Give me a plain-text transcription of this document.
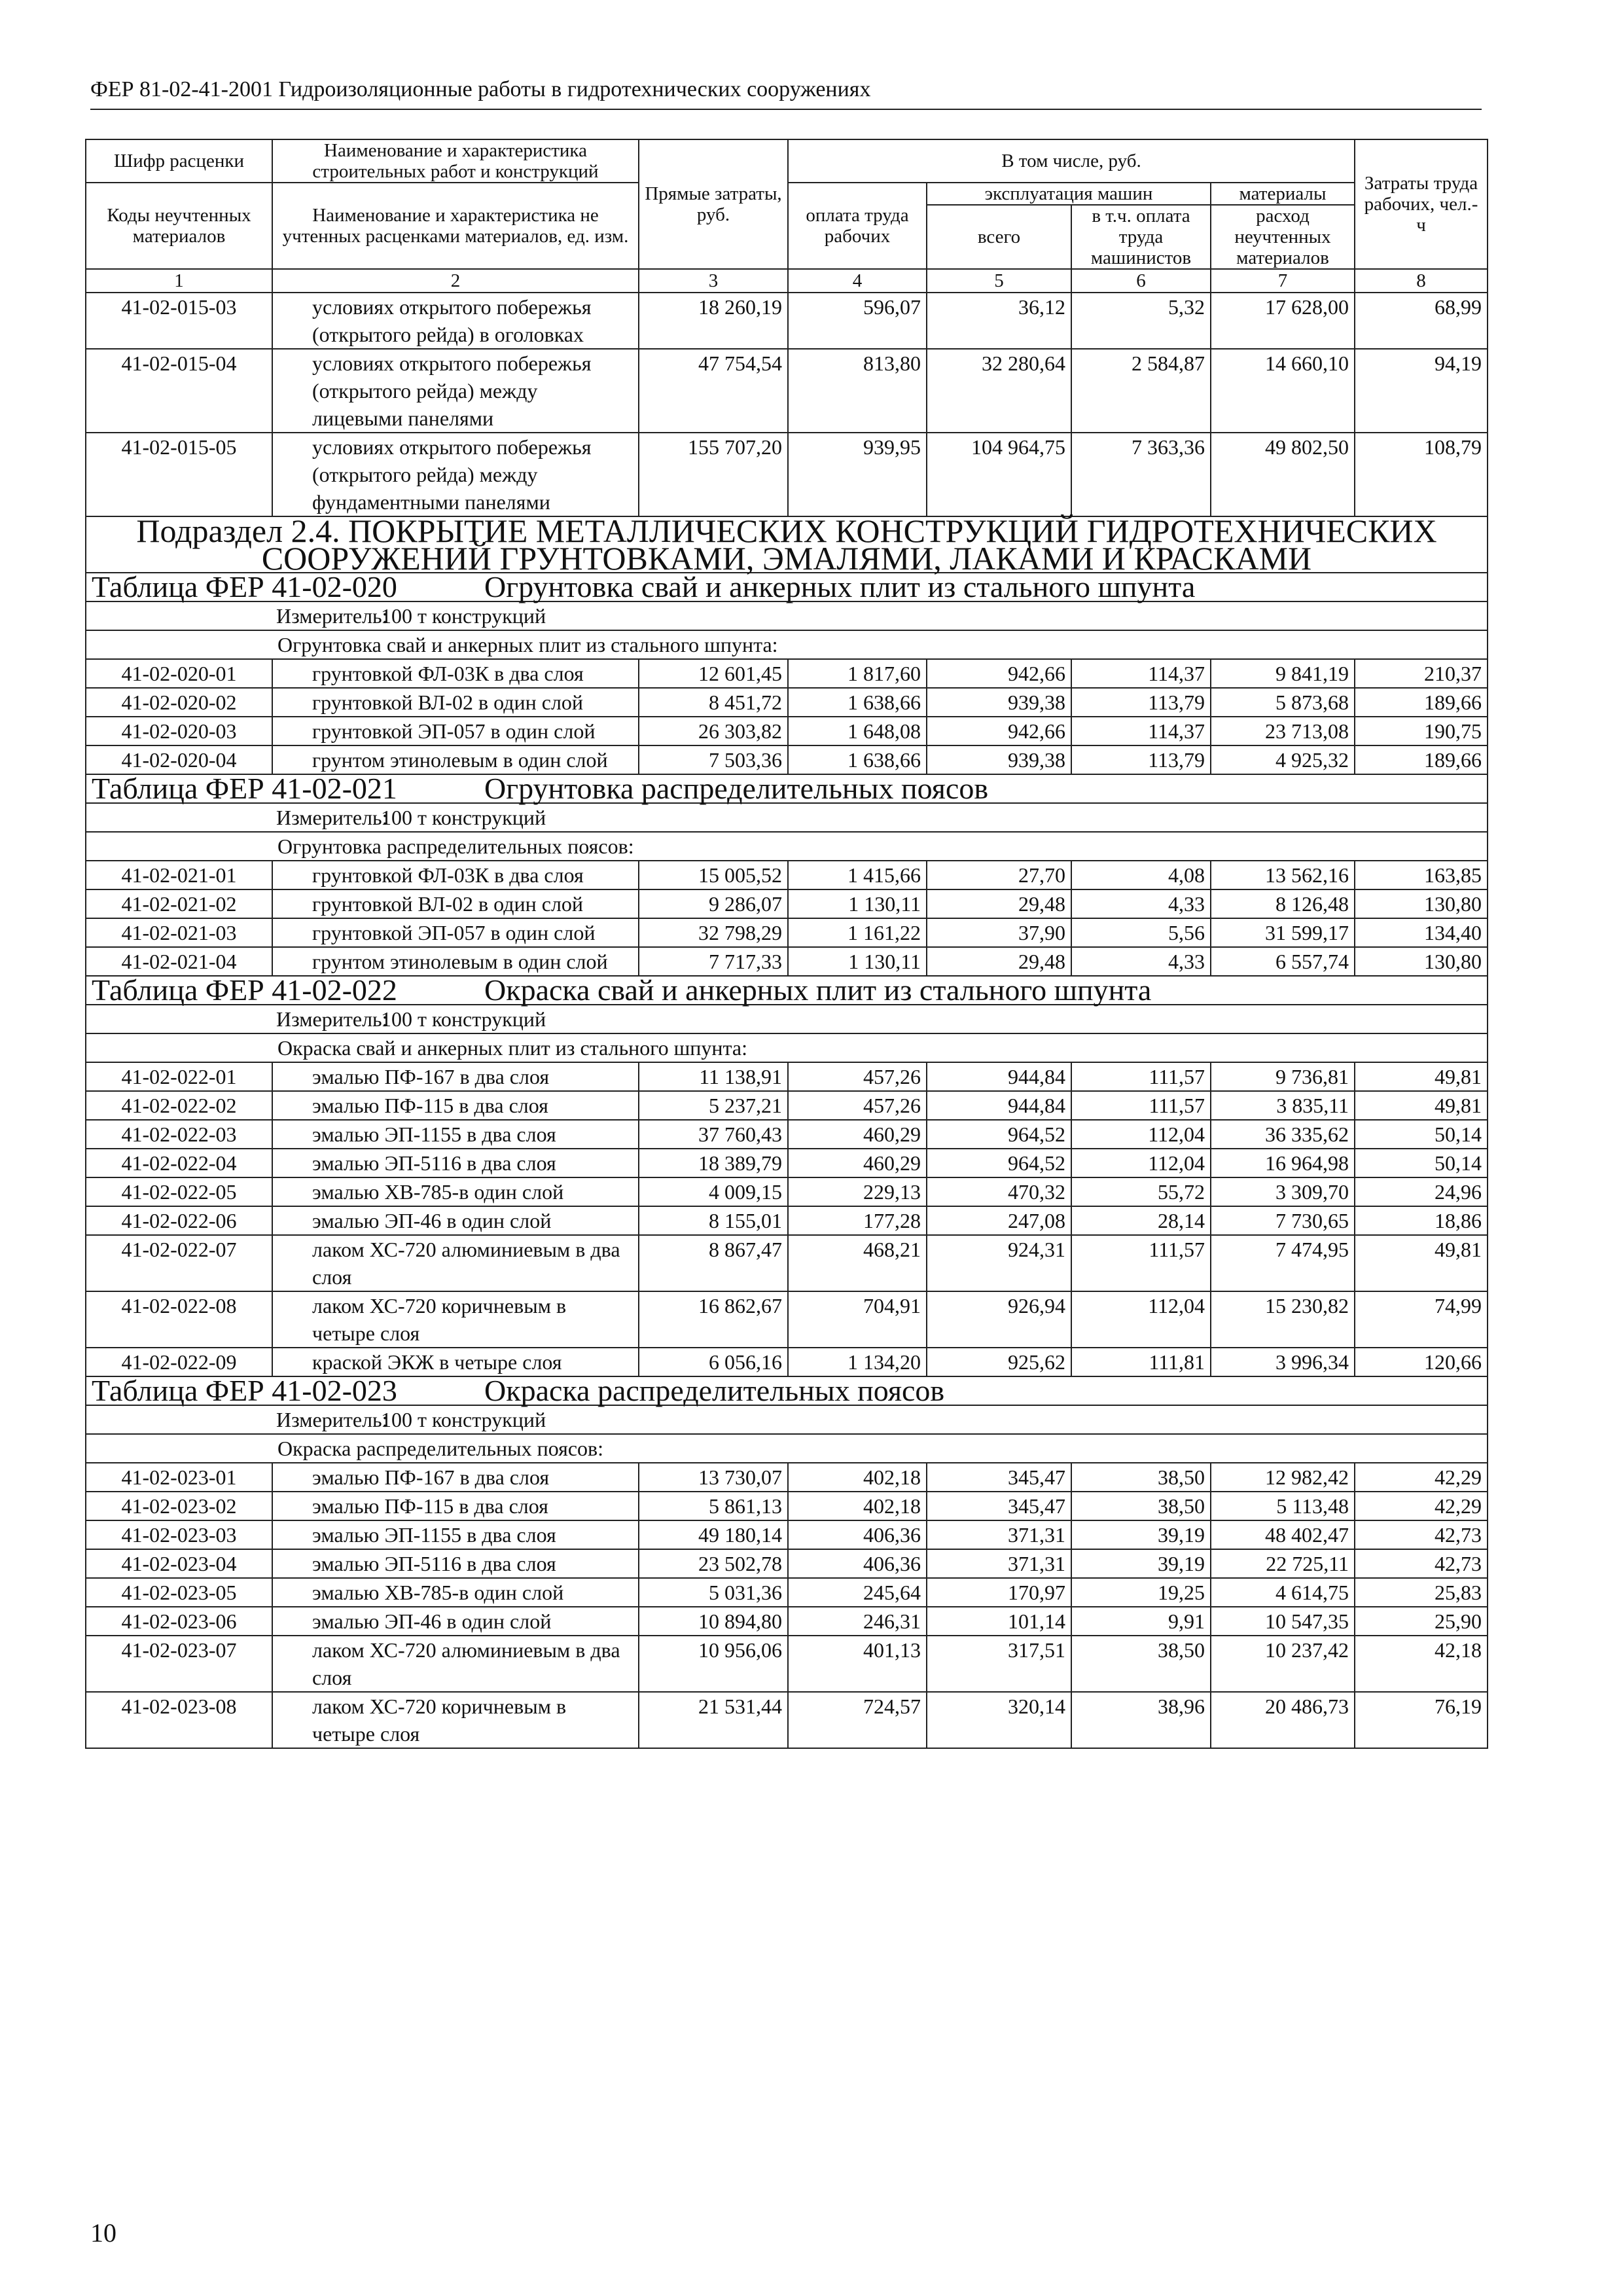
ФЕР 81-02-41-2001 Гидроизоляционные работы в гидротехнических сооружениях
Шифр расценки	Наименование и характеристика строительных работ и конструкций	Прямые затраты, руб.	В том числе, руб.				Затраты труда рабочих, чел.-ч
Коды неучтенных материалов	Наименование и характеристика не учтенных расценками материалов, ед. изм.		оплата труда рабочих	эксплуатация машин		материалы	
				всего	в т.ч. оплата труда машинистов	расход неучтенных материалов	

1	2	3	4	5	6	7	8
41-02-015-03	условиях открытого побережья (открытого рейда) в оголовках	18 260,19	596,07	36,12	5,32	17 628,00	68,99
41-02-015-04	условиях открытого побережья (открытого рейда) между лицевыми панелями	47 754,54	813,80	32 280,64	2 584,87	14 660,10	94,19
41-02-015-05	условиях открытого побережья (открытого рейда) между фундаментными панелями	155 707,20	939,95	104 964,75	7 363,36	49 802,50	108,79
Подраздел 2.4. ПОКРЫТИЕ МЕТАЛЛИЧЕСКИХ КОНСТРУКЦИЙ ГИДРОТЕХНИЧЕСКИХ СООРУЖЕНИЙ ГРУНТОВКАМИ, ЭМАЛЯМИ, ЛАКАМИ И КРАСКАМИ							
Таблица ФЕР 41-02-020 Огрунтовка свай и анкерных плит из стального шпунта							
Измеритель:100 т конструкций							
Огрунтовка свай и анкерных плит из стального шпунта:							
41-02-020-01	грунтовкой ФЛ-03К в два слоя	12 601,45	1 817,60	942,66	114,37	9 841,19	210,37
41-02-020-02	грунтовкой ВЛ-02 в один слой	8 451,72	1 638,66	939,38	113,79	5 873,68	189,66
41-02-020-03	грунтовкой ЭП-057 в один слой	26 303,82	1 648,08	942,66	114,37	23 713,08	190,75
41-02-020-04	грунтом этинолевым в один слой	7 503,36	1 638,66	939,38	113,79	4 925,32	189,66
Таблица ФЕР 41-02-021 Огрунтовка распределительных поясов							
Измеритель:100 т конструкций							
Огрунтовка распределительных поясов:							
41-02-021-01	грунтовкой ФЛ-03К в два слоя	15 005,52	1 415,66	27,70	4,08	13 562,16	163,85
41-02-021-02	грунтовкой ВЛ-02 в один слой	9 286,07	1 130,11	29,48	4,33	8 126,48	130,80
41-02-021-03	грунтовкой ЭП-057 в один слой	32 798,29	1 161,22	37,90	5,56	31 599,17	134,40
41-02-021-04	грунтом этинолевым в один слой	7 717,33	1 130,11	29,48	4,33	6 557,74	130,80
Таблица ФЕР 41-02-022 Окраска свай и анкерных плит из стального шпунта							
Измеритель:100 т конструкций							
Окраска свай и анкерных плит из стального шпунта:							
41-02-022-01	эмалью ПФ-167 в два слоя	11 138,91	457,26	944,84	111,57	9 736,81	49,81
41-02-022-02	эмалью ПФ-115 в два слоя	5 237,21	457,26	944,84	111,57	3 835,11	49,81
41-02-022-03	эмалью ЭП-1155 в два слоя	37 760,43	460,29	964,52	112,04	36 335,62	50,14
41-02-022-04	эмалью ЭП-5116 в два слоя	18 389,79	460,29	964,52	112,04	16 964,98	50,14
41-02-022-05	эмалью ХВ-785-в один слой	4 009,15	229,13	470,32	55,72	3 309,70	24,96
41-02-022-06	эмалью ЭП-46 в один слой	8 155,01	177,28	247,08	28,14	7 730,65	18,86
41-02-022-07	лаком ХС-720 алюминиевым в два слоя	8 867,47	468,21	924,31	111,57	7 474,95	49,81
41-02-022-08	лаком ХС-720 коричневым в четыре слоя	16 862,67	704,91	926,94	112,04	15 230,82	74,99
41-02-022-09	краской ЭКЖ в четыре слоя	6 056,16	1 134,20	925,62	111,81	3 996,34	120,66
Таблица ФЕР 41-02-023 Окраска распределительных поясов							
Измеритель:100 т конструкций							
Окраска распределительных поясов:							
41-02-023-01	эмалью ПФ-167 в два слоя	13 730,07	402,18	345,47	38,50	12 982,42	42,29
41-02-023-02	эмалью ПФ-115 в два слоя	5 861,13	402,18	345,47	38,50	5 113,48	42,29
41-02-023-03	эмалью ЭП-1155 в два слоя	49 180,14	406,36	371,31	39,19	48 402,47	42,73
41-02-023-04	эмалью ЭП-5116 в два слоя	23 502,78	406,36	371,31	39,19	22 725,11	42,73
41-02-023-05	эмалью ХВ-785-в один слой	5 031,36	245,64	170,97	19,25	4 614,75	25,83
41-02-023-06	эмалью ЭП-46 в один слой	10 894,80	246,31	101,14	9,91	10 547,35	25,90
41-02-023-07	лаком ХС-720 алюминиевым в два слоя	10 956,06	401,13	317,51	38,50	10 237,42	42,18
41-02-023-08	лаком ХС-720 коричневым в четыре слоя	21 531,44	724,57	320,14	38,96	20 486,73	76,19
10
